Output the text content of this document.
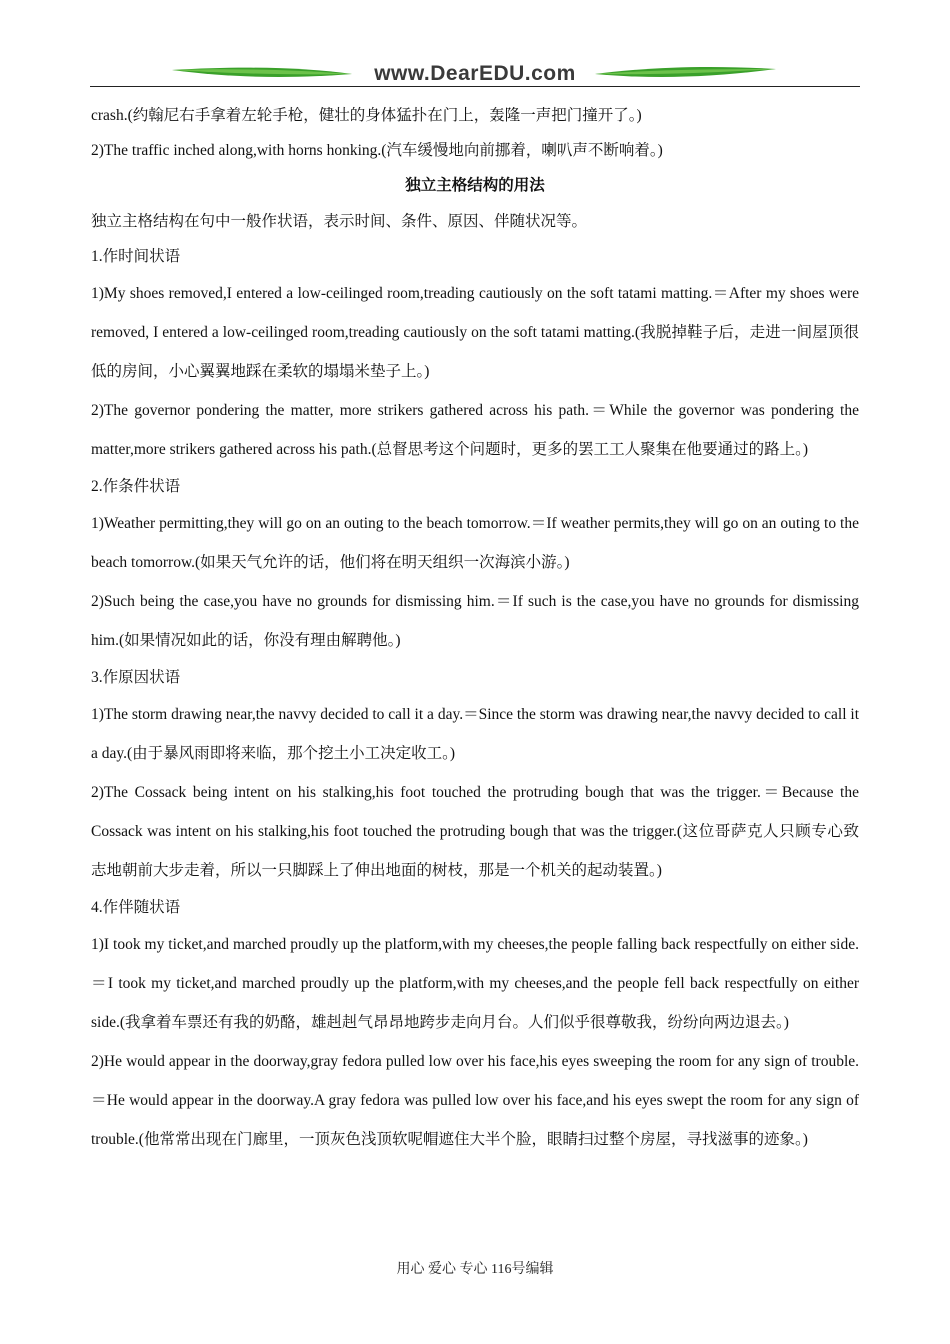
www.DearEDU.com

crash.(约翰尼右手拿着左轮手枪，健壮的身体猛扑在门上，轰隆一声把门撞开了。)

2)The traffic inched along,with horns honking.(汽车缓慢地向前挪着，喇叭声不断响着。)

独立主格结构的用法

独立主格结构在句中一般作状语，表示时间、条件、原因、伴随状况等。

1.作时间状语

1)My shoes removed,I entered a low-ceilinged room,treading cautiously on the soft tatami matting.＝After my shoes were removed, I entered a low-ceilinged room,treading cautiously on the soft tatami matting.(我脱掉鞋子后，走进一间屋顶很低的房间，小心翼翼地踩在柔软的塌塌米垫子上。)

2)The governor pondering the matter, more strikers gathered across his path.＝While the governor was pondering the matter,more strikers gathered across his path.(总督思考这个问题时，更多的罢工工人聚集在他要通过的路上。)

2.作条件状语

1)Weather permitting,they will go on an outing to the beach tomorrow.＝If weather permits,they will go on an outing to the beach tomorrow.(如果天气允许的话，他们将在明天组织一次海滨小游。)

2)Such being the case,you have no grounds for dismissing him.＝If such is the case,you have no grounds for dismissing him.(如果情况如此的话，你没有理由解聘他。)

3.作原因状语

1)The storm drawing near,the navvy decided to call it a day.＝Since the storm was drawing near,the navvy decided to call it a day.(由于暴风雨即将来临，那个挖土小工决定收工。)

2)The Cossack being intent on his stalking,his foot touched the protruding bough that was the trigger.＝Because the Cossack was intent on his stalking,his foot touched the protruding bough that was the trigger.(这位哥萨克人只顾专心致志地朝前大步走着，所以一只脚踩上了伸出地面的树枝，那是一个机关的起动装置。)

4.作伴随状语

1)I took my ticket,and marched proudly up the platform,with my cheeses,the people falling back respectfully on either side.＝I took my ticket,and marched proudly up the platform,with my cheeses,and the people fell back respectfully on either side.(我拿着车票还有我的奶酪，雄赳赳气昂昂地跨步走向月台。人们似乎很尊敬我，纷纷向两边退去。)

2)He would appear in the doorway,gray fedora pulled low over his face,his eyes sweeping the room for any sign of trouble.＝He would appear in the doorway.A gray fedora was pulled low over his face,and his eyes swept the room for any sign of trouble.(他常常出现在门廊里，一顶灰色浅顶软呢帽遮住大半个脸，眼睛扫过整个房屋，寻找滋事的迹象。)

用心 爱心 专心 116号编辑
